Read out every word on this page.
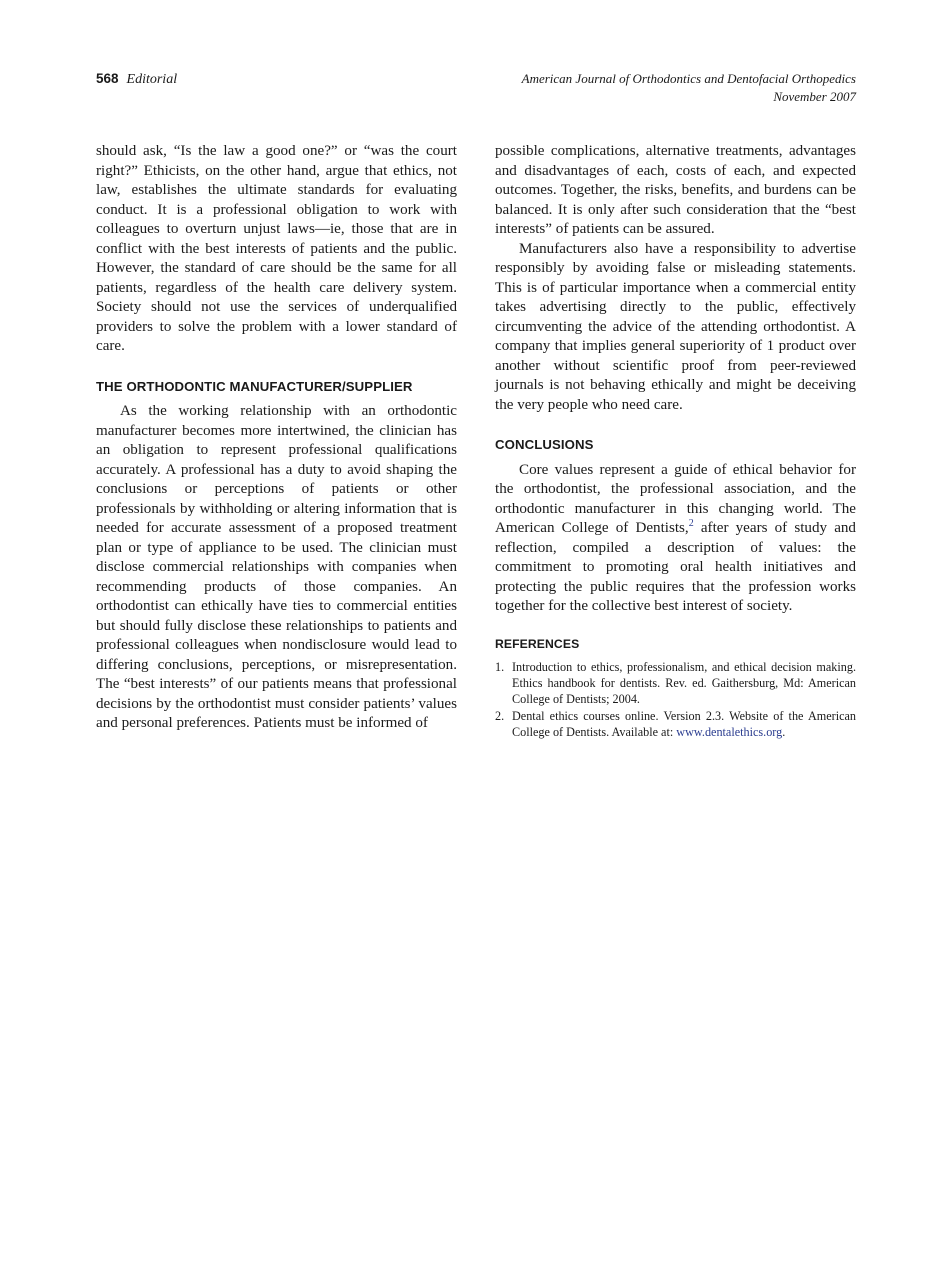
568 Editorial	American Journal of Orthodontics and Dentofacial Orthopedics
November 2007

should ask, “Is the law a good one?” or “was the court right?” Ethicists, on the other hand, argue that ethics, not law, establishes the ultimate standards for evaluating conduct. It is a professional obligation to work with colleagues to overturn unjust laws—ie, those that are in conflict with the best interests of patients and the public. However, the standard of care should be the same for all patients, regardless of the health care delivery system. Society should not use the services of underqualified providers to solve the problem with a lower standard of care.

THE ORTHODONTIC MANUFACTURER/SUPPLIER

As the working relationship with an orthodontic manufacturer becomes more intertwined, the clinician has an obligation to represent professional qualifications accurately. A professional has a duty to avoid shaping the conclusions or perceptions of patients or other professionals by withholding or altering information that is needed for accurate assessment of a proposed treatment plan or type of appliance to be used. The clinician must disclose commercial relationships with companies when recommending products of those companies. An orthodontist can ethically have ties to commercial entities but should fully disclose these relationships to patients and professional colleagues when nondisclosure would lead to differing conclusions, perceptions, or misrepresentation. The “best interests” of our patients means that professional decisions by the orthodontist must consider patients’ values and personal preferences. Patients must be informed of

possible complications, alternative treatments, advantages and disadvantages of each, costs of each, and expected outcomes. Together, the risks, benefits, and burdens can be balanced. It is only after such consideration that the “best interests” of patients can be assured.

Manufacturers also have a responsibility to advertise responsibly by avoiding false or misleading statements. This is of particular importance when a commercial entity takes advertising directly to the public, effectively circumventing the advice of the attending orthodontist. A company that implies general superiority of 1 product over another without scientific proof from peer-reviewed journals is not behaving ethically and might be deceiving the very people who need care.

CONCLUSIONS

Core values represent a guide of ethical behavior for the orthodontist, the professional association, and the orthodontic manufacturer in this changing world. The American College of Dentists,$^2$ after years of study and reflection, compiled a description of values: the commitment to promoting oral health initiatives and protecting the public requires that the profession works together for the collective best interest of society.

REFERENCES
1. Introduction to ethics, professionalism, and ethical decision making. Ethics handbook for dentists. Rev. ed. Gaithersburg, Md: American College of Dentists; 2004.
2. Dental ethics courses online. Version 2.3. Website of the American College of Dentists. Available at: www.dentalethics.org.
